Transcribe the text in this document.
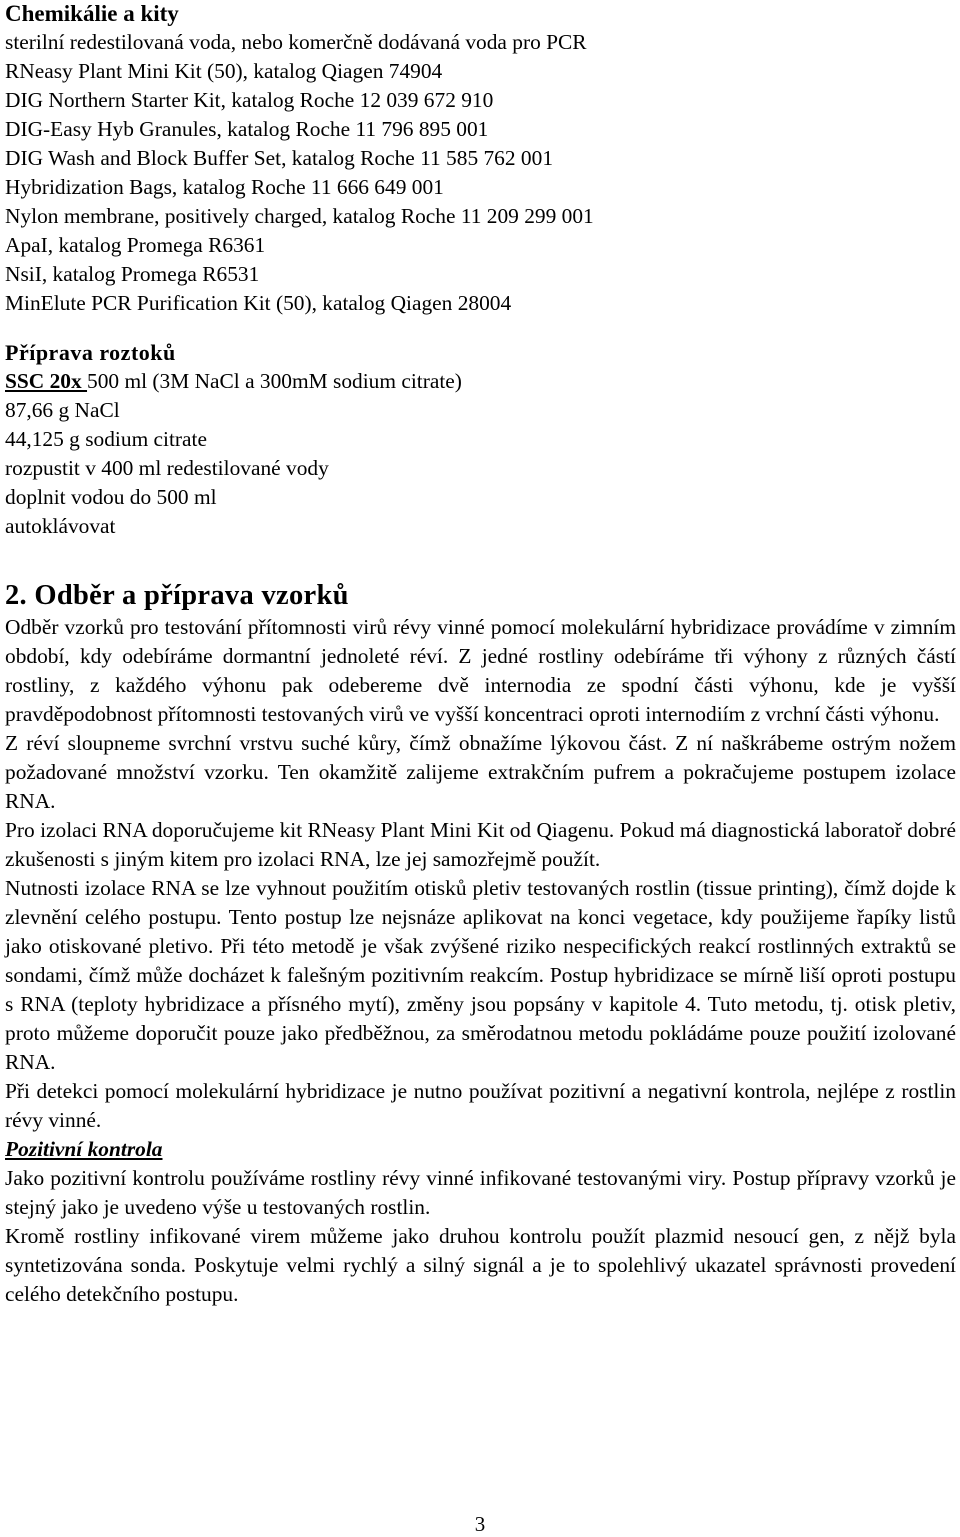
Chemikálie a kity

sterilní redestilovaná voda, nebo komerčně dodávaná voda pro PCR

RNeasy Plant Mini Kit (50), katalog Qiagen 74904

DIG Northern Starter Kit, katalog Roche 12 039 672 910

DIG-Easy Hyb Granules, katalog Roche 11 796 895 001

DIG Wash and Block Buffer Set, katalog Roche 11 585 762 001

Hybridization Bags, katalog Roche 11 666 649 001

Nylon membrane, positively charged, katalog Roche 11 209 299 001

ApaI, katalog Promega R6361

NsiI, katalog Promega R6531

MinElute PCR Purification Kit (50), katalog Qiagen 28004

Příprava roztoků

SSC 20x 500 ml (3M NaCl a 300mM sodium citrate)

87,66 g NaCl

44,125 g sodium citrate

rozpustit v 400 ml redestilované vody

doplnit vodou do 500 ml

autoklávovat

2. Odběr a příprava vzorků

Odběr vzorků pro testování přítomnosti virů révy vinné pomocí molekulární hybridizace provádíme v zimním období, kdy odebíráme dormantní jednoleté réví. Z jedné rostliny odebíráme tři výhony z různých částí rostliny, z každého výhonu pak odebereme dvě internodia ze spodní části výhonu, kde je vyšší pravděpodobnost přítomnosti testovaných virů ve vyšší koncentraci oproti internodiím z vrchní části výhonu.

Z réví sloupneme svrchní vrstvu suché kůry, čímž obnažíme lýkovou část. Z ní naškrábeme ostrým nožem požadované množství vzorku. Ten okamžitě zalijeme extrakčním pufrem a pokračujeme postupem izolace RNA.

Pro izolaci RNA doporučujeme kit RNeasy Plant Mini Kit od Qiagenu. Pokud má diagnostická laboratoř dobré zkušenosti s jiným kitem pro izolaci RNA, lze jej samozřejmě použít.

Nutnosti izolace RNA se lze vyhnout použitím otisků pletiv testovaných rostlin (tissue printing), čímž dojde k zlevnění celého postupu. Tento postup lze nejsnáze aplikovat na konci vegetace, kdy použijeme řapíky listů jako otiskované pletivo. Při této metodě je však zvýšené riziko nespecifických reakcí rostlinných extraktů se sondami, čímž může docházet k falešným pozitivním reakcím. Postup hybridizace se mírně liší oproti postupu s RNA (teploty hybridizace a přísného mytí), změny jsou popsány v kapitole 4. Tuto metodu, tj. otisk pletiv, proto můžeme doporučit pouze jako předběžnou, za směrodatnou metodu pokládáme pouze použití izolované RNA.

Při detekci pomocí molekulární hybridizace je nutno používat pozitivní a negativní kontrola, nejlépe z rostlin révy vinné.

Pozitivní kontrola

Jako pozitivní kontrolu používáme rostliny révy vinné infikované testovanými viry. Postup přípravy vzorků je stejný jako je uvedeno výše u testovaných rostlin.

Kromě rostliny infikované virem můžeme jako druhou kontrolu použít plazmid nesoucí gen, z nějž byla syntetizována sonda. Poskytuje velmi rychlý a silný signál a je to spolehlivý ukazatel správnosti provedení celého detekčního postupu.

3
